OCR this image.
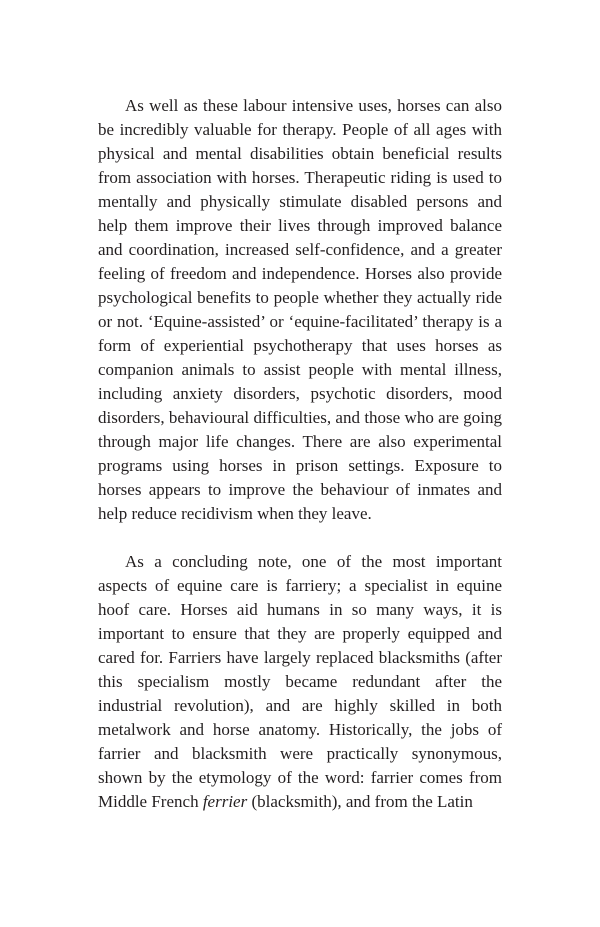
As well as these labour intensive uses, horses can also be incredibly valuable for therapy. People of all ages with physical and mental disabilities obtain beneficial results from association with horses. Therapeutic riding is used to mentally and physically stimulate disabled persons and help them improve their lives through improved balance and coordination, increased self-confidence, and a greater feeling of freedom and independence. Horses also provide psychological benefits to people whether they actually ride or not. ‘Equine-assisted’ or ‘equine-facilitated’ therapy is a form of experiential psychotherapy that uses horses as companion animals to assist people with mental illness, including anxiety disorders, psychotic disorders, mood disorders, behavioural difficulties, and those who are going through major life changes. There are also experimental programs using horses in prison settings. Exposure to horses appears to improve the behaviour of inmates and help reduce recidivism when they leave.

As a concluding note, one of the most important aspects of equine care is farriery; a specialist in equine hoof care. Horses aid humans in so many ways, it is important to ensure that they are properly equipped and cared for. Farriers have largely replaced blacksmiths (after this specialism mostly became redundant after the industrial revolution), and are highly skilled in both metalwork and horse anatomy. Historically, the jobs of farrier and blacksmith were practically synonymous, shown by the etymology of the word: farrier comes from Middle French ferrier (blacksmith), and from the Latin
